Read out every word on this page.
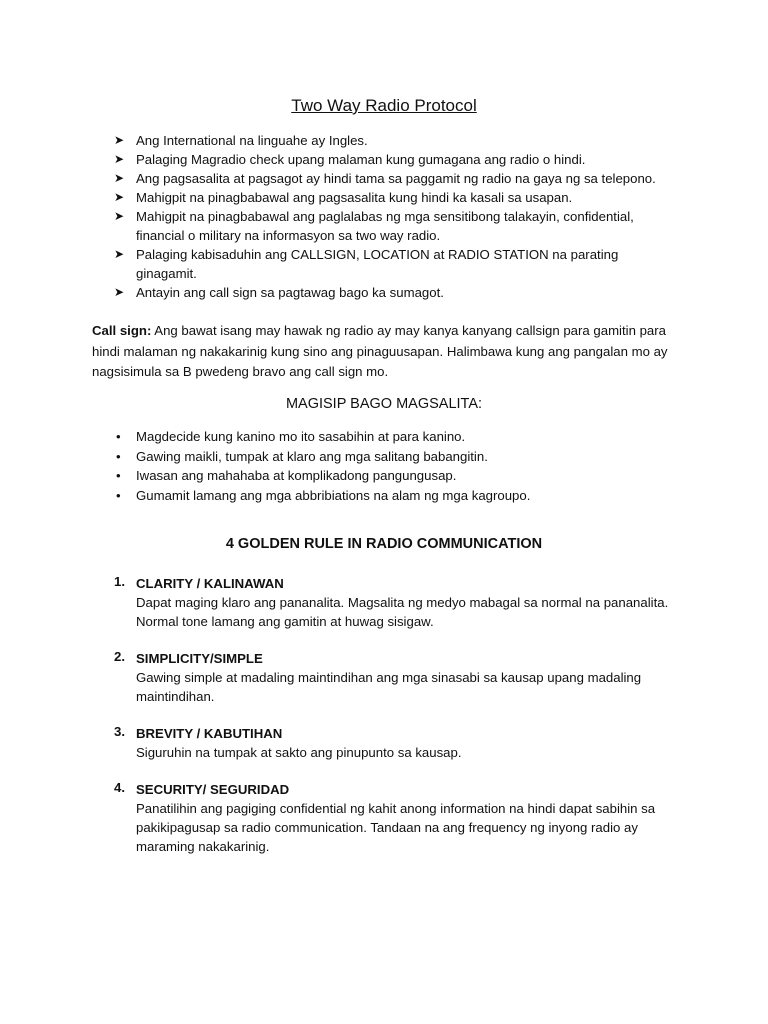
Two Way Radio Protocol
➤ Ang International na linguahe ay Ingles.
➤ Palaging Magradio check upang malaman kung gumagana ang radio o hindi.
➤ Ang pagsasalita at pagsagot ay hindi tama sa paggamit ng radio na gaya ng sa telepono.
➤ Mahigpit na pinagbabawal ang pagsasalita kung hindi ka kasali sa usapan.
➤ Mahigpit na pinagbabawal ang paglalabas ng mga sensitibong talakayin, confidential, financial o military na informasyon sa two way radio.
➤ Palaging kabisaduhin ang CALLSIGN, LOCATION at RADIO STATION na parating ginagamit.
➤ Antayin ang call sign sa pagtawag bago ka sumagot.

Call sign: Ang bawat isang may hawak ng radio ay may kanya kanyang callsign para gamitin para hindi malaman ng nakakarinig kung sino ang pinaguusapan. Halimbawa kung ang pangalan mo ay nagsisimula sa B pwedeng bravo ang call sign mo.

MAGISIP BAGO MAGSALITA:
• Magdecide kung kanino mo ito sasabihin at para kanino.
• Gawing maikli, tumpak at klaro ang mga salitang babangitin.
• Iwasan ang mahahaba at komplikadong pangungusap.
• Gumamit lamang ang mga abbribiations na alam ng mga kagroupo.
4 GOLDEN RULE IN RADIO COMMUNICATION
1. CLARITY / KALINAWAN
Dapat maging klaro ang pananalita. Magsalita ng medyo mabagal sa normal na pananalita. Normal tone lamang ang gamitin at huwag sisigaw.
2. SIMPLICITY/SIMPLE
Gawing simple at madaling maintindihan ang mga sinasabi sa kausap upang madaling maintindihan.
3. BREVITY / KABUTIHAN
Siguruhin na tumpak at sakto ang pinupunto sa kausap.
4. SECURITY/ SEGURIDAD
Panatilihin ang pagiging confidential ng kahit anong information na hindi dapat sabihin sa pakikipagusap sa radio communication. Tandaan na ang frequency ng inyong radio ay maraming nakakarinig.
